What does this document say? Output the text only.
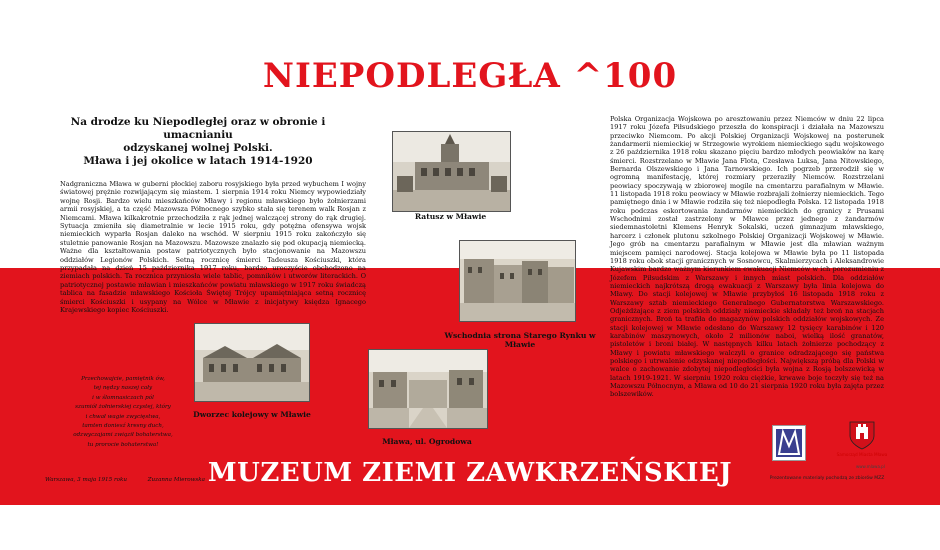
NIEPODLEGŁA ^100
Na drodze ku Niepodległej oraz w obronie i umacnianiu
odzyskanej wolnej Polski.
Mława i jej okolice w latach 1914-1920
Nadgraniczna Mława w guberni płockiej zaboru rosyjskiego była przed wybuchem I wojny światowej prężnie rozwijającym się miastem. 1 sierpnia 1914 roku Niemcy wypowiedziały wojnę Rosji. Bardzo wielu mieszkańców Mławy i regionu mławskiego było żołnierzami armii rosyjskiej, a ta część Mazowsza Północnego szybko stała się terenem walk Rosjan z Niemcami. Mława kilkakrotnie przechodziła z rąk jednej walczącej strony do rąk drugiej. Sytuacja zmieniła się diametralnie w lecie 1915 roku, gdy potężna ofensywa wojsk niemieckich wyparła Rosjan daleko na wschód. W sierpniu 1915 roku zakończyło się stuletnie panowanie Rosjan na Mazowszu. Mazowsze znalazło się pod okupacją niemiecką. Ważne dla kształtowania postaw patriotycznych było stacjonowanie na Mazowszu oddziałów Legionów Polskich. Setną rocznicę śmierci Tadeusza Kościuszki, która przypadała na dzień 15 października 1917 roku, bardzo uroczyście obchodzono na ziemiach polskich. Ta rocznica przyniosła wiele tablic, pomników i utworów literackich. O patriotycznej postawie mławian i mieszkańców powiatu mławskiego w 1917 roku świadczą tablica na fasadzie mławskiego Kościoła Świętej Trójcy upamiętniająca setną rocznicę śmierci Kościuszki i usypany na Wólce w Mławie z inicjatywy księdza Ignacego Krajewskiego kopiec Kościuszki.
Polska Organizacja Wojskowa po aresztowaniu przez Niemców w dniu 22 lipca 1917 roku Józefa Piłsudskiego przeszła do konspiracji i działała na Mazowszu przeciwko Niemcom. Po akcji Polskiej Organizacji Wojskowej na posterunek żandarmerii niemieckiej w Strzegowie wyrokiem niemieckiego sądu wojskowego z 26 października 1918 roku skazano pięciu bardzo młodych peowiaków na karę śmierci. Rozstrzelano w Mławie Jana Flota, Czesława Luksa, Jana Nitowskiego, Bernarda Olszewskiego i Jana Tarnowskiego. Ich pogrzeb przerodził się w ogromną manifestację, której rozmiary przeraziły Niemców. Rozstrzelani peowiacy spoczywają w zbiorowej mogile na cmentarzu parafialnym w Mławie. 11 listopada 1918 roku peowiacy w Mławie rozbrajali żołnierzy niemieckich. Tego pamiętnego dnia i w Mławie rodziła się też niepodległa Polska. 12 listopada 1918 roku podczas eskortowania żandarmów niemieckich do granicy z Prusami Wschodnimi został zastrzelony w Mławce przez jednego z żandarmów siedemnastoletni Klemens Henryk Sokalski, uczeń gimnazjum mławskiego, harcerz i członek plutonu szkolnego Polskiej Organizacji Wojskowej w Mławie. Jego grób na cmentarzu parafialnym w Mławie jest dla mławian ważnym miejscem pamięci narodowej. Stacja kolejowa w Mławie była po 11 listopada 1918 roku obok stacji granicznych w Sosnowcu, Skalmierzycach i Aleksandrowie Kujawskim bardzo ważnym kierunkiem ewakuacji Niemców w ich porozumieniu z Józefem Piłsudskim z Warszawy i innych miast polskich. Dla oddziałów niemieckich najkrótszą drogą ewakuacji z Warszawy była linia kolejowa do Mławy. Do stacji kolejowej w Mławie przybyłoś 16 listopada 1918 roku z Warszawy sztab niemieckiego Generalnego Gubernatorstwa Warszawskiego. Odjeżdżające z ziem polskich oddziały niemieckie składały też broń na stacjach granicznych. Broń ta trafiła do magazynów polskich oddziałów wojskowych. Ze stacji kolejowej w Mławie odesłano do Warszawy 12 tysięcy karabinów i 120 karabinów maszynowych, około 2 milionów naboi, wielką ilość granatów, pistoletów i broni białej. W następnych kilku latach żołnierze pochodzący z Mławy i powiatu mławskiego walczyli o granice odradzającego się państwa polskiego i utrwalenie odzyskanej niepodległości. Największą próbą dla Polski w walce o zachowanie zdobytej niepodległości była wojna z Rosją bolszewicką w latach 1919-1921. W sierpniu 1920 roku ciężkie, krwawe boje toczyły się też na Mazowszu Północnym, a Mława od 10 do 21 sierpnia 1920 roku była zajęta przez bolszewików.
Ratusz w Mławie
Wschodnia strona Starego Rynku w Mławie
Dworzec kolejowy w Mławie
Mława, ul. Ogrodowa
Przechowajcie, pamiętnik ów,
tej nędzy naszej cały
i w ślomnasiczach pól
szumiół żołnierskiej czystej, który
i chwał wagie zwycięstwa,
tamten doniesź kresny duch,
odzwyczajami związił bohaterstwa,
tu prorocie bohaterstwa!
Warszawa, 3 maja 1915 roku	Zuzanna Mierowska MUZEUM ZIEMI ZAWKRZEŃSKIEJ
Samorząd Miasta Mława
www.mlawa.pl
Prezentowane materiały pochodzą ze zbiorów MZZ
